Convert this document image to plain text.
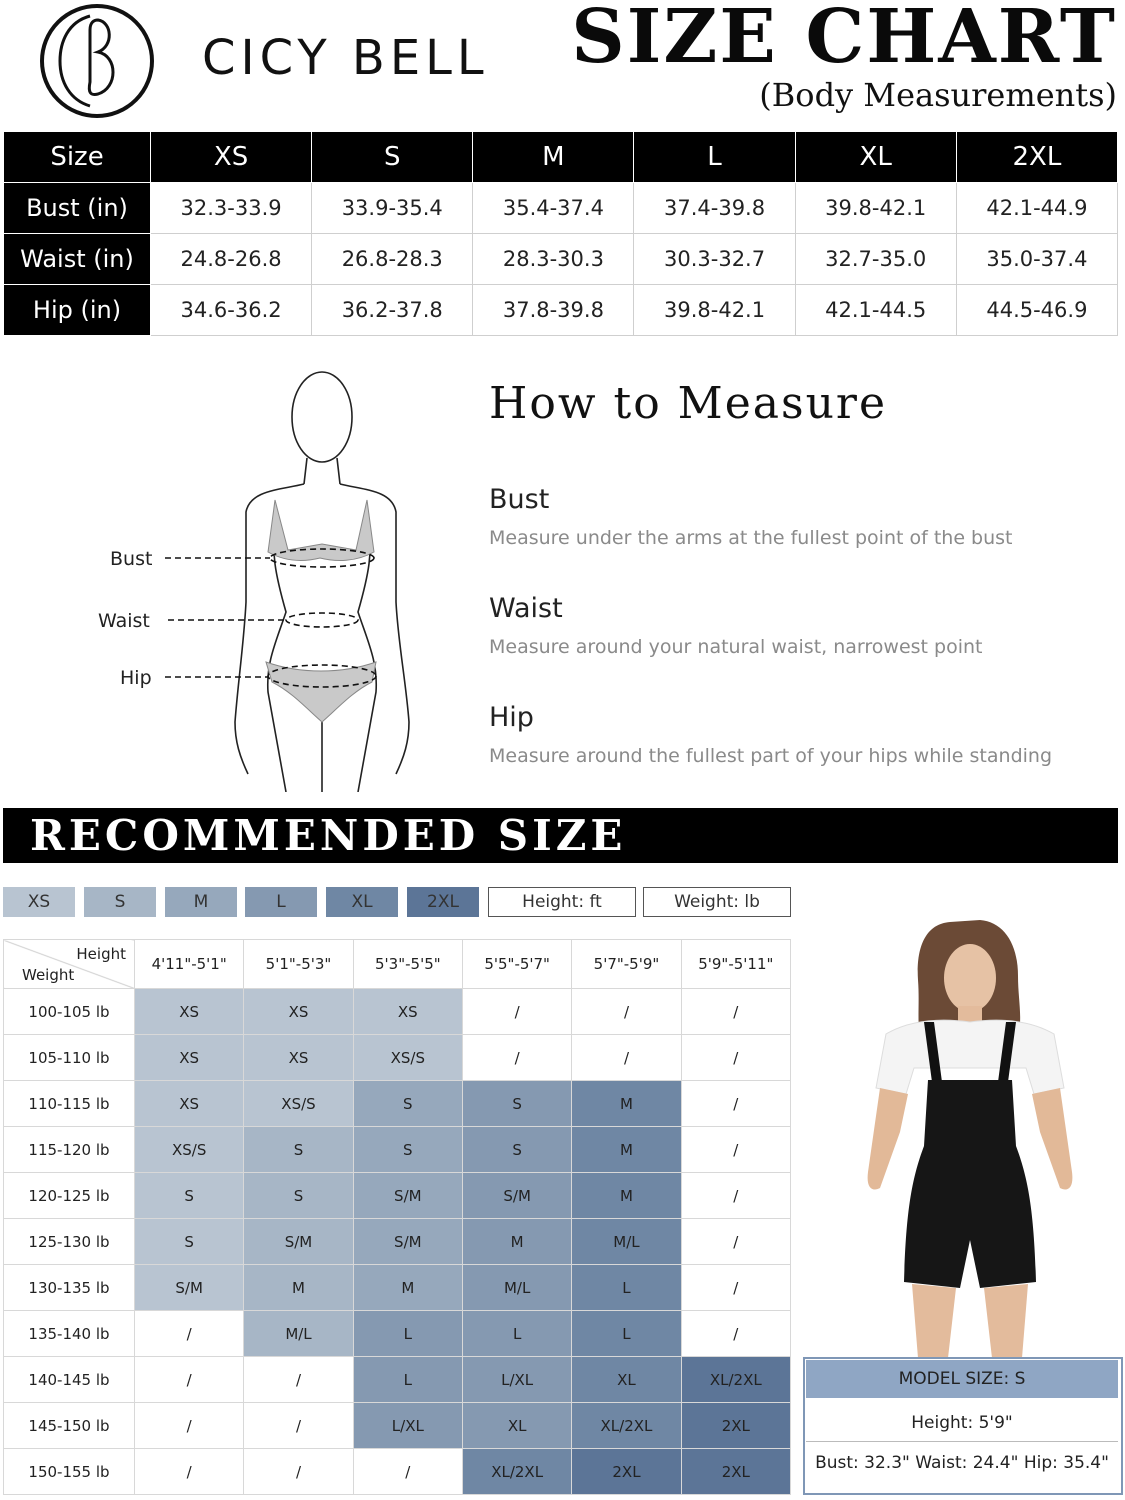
CICY BELL SIZE CHART
(Body Measurements)
Size	XS	S	M	L	XL	2XL
Bust (in)	32.3-33.9	33.9-35.4	35.4-37.4	37.4-39.8	39.8-42.1	42.1-44.9
Waist (in)	24.8-26.8	26.8-28.3	28.3-30.3	30.3-32.7	32.7-35.0	35.0-37.4
Hip (in)	34.6-36.2	36.2-37.8	37.8-39.8	39.8-42.1	42.1-44.5	44.5-46.9
Bust
Waist
Hip
How to Measure
Bust
Measure under the arms at the fullest point of the bust
Waist
Measure around your natural waist, narrowest point
Hip
Measure around the fullest part of your hips while standing
RECOMMENDED SIZE
XS	S	M	L	XL	2XL	Height: ft	Weight: lb
Height
Weight	4'11"-5'1"	5'1"-5'3"	5'3"-5'5"	5'5"-5'7"	5'7"-5'9"	5'9"-5'11"
100-105 lb	XS	XS	XS	/	/	/
105-110 lb	XS	XS	XS/S	/	/	/
110-115 lb	XS	XS/S	S	S	M	/
115-120 lb	XS/S	S	S	S	M	/
120-125 lb	S	S	S/M	S/M	M	/
125-130 lb	S	S/M	S/M	M	M/L	/
130-135 lb	S/M	M	M	M/L	L	/
135-140 lb	/	M/L	L	L	L	/
140-145 lb	/	/	L	L/XL	XL	XL/2XL
145-150 lb	/	/	L/XL	XL	XL/2XL	2XL
150-155 lb	/	/	/	XL/2XL	2XL	2XL
MODEL SIZE: S
Height: 5'9"
Bust: 32.3" Waist: 24.4" Hip: 35.4"
